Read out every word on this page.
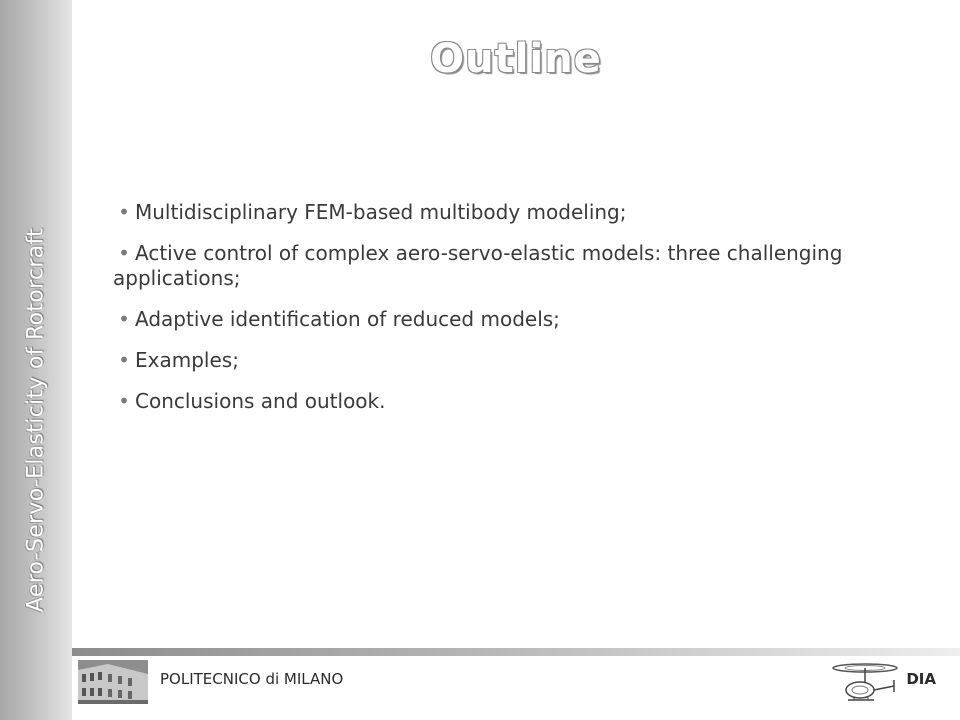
Aero-Servo-Elasticity of Rotorcraft
Outline
• Multidisciplinary FEM-based multibody modeling;
• Active control of complex aero-servo-elastic models: three challenging applications;
• Adaptive identification of reduced models;
• Examples;
• Conclusions and outlook.
POLITECNICO di MILANO	DIA
